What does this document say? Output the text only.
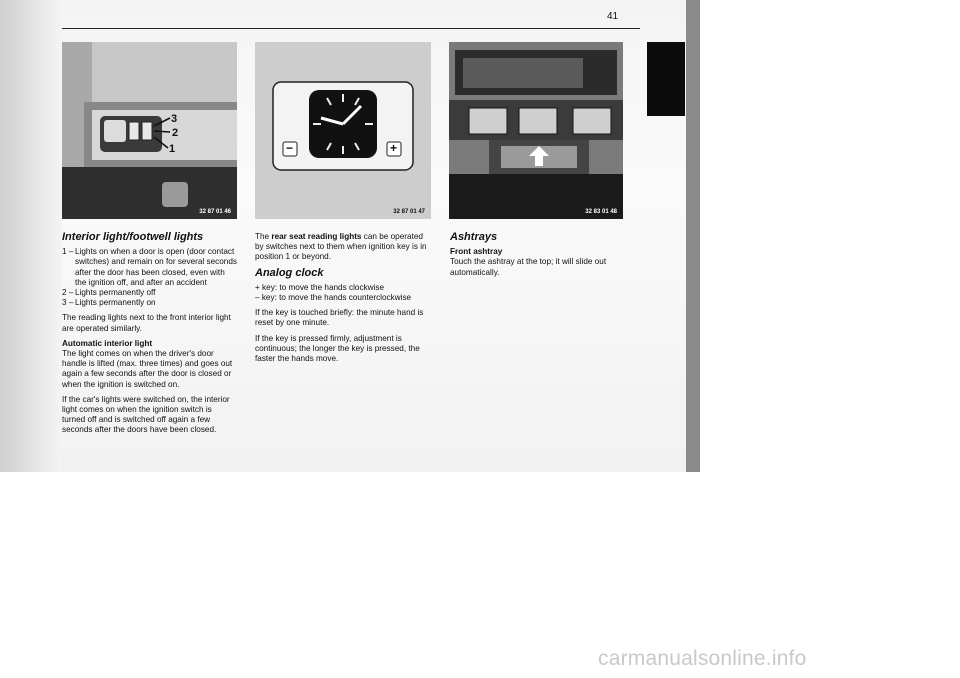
41
3
2
1
32 87 01 46
−	+
32 87 01 47	32 83 01 48
Interior light/footwell lights
1 – Lights on when a door is open (door contact switches) and remain on for several seconds after the door has been closed, even with the ignition off, and after an accident
2 – Lights permanently off
3 – Lights permanently on

The reading lights next to the front interior light are operated similarly.

Automatic interior light

The light comes on when the driver's door handle is lifted (max. three times) and goes out again a few seconds after the door is closed or when the ignition is switched on.

If the car's lights were switched on, the interior light comes on when the ignition switch is turned off and is switched off again a few seconds after the doors have been closed.

The rear seat reading lights can be operated by switches next to them when ignition key is in position 1 or beyond.

Analog clock
+ key: to move the hands clockwise
– key: to move the hands counterclockwise

If the key is touched briefly: the minute hand is reset by one minute.

If the key is pressed firmly, adjustment is continuous; the longer the key is pressed, the faster the hands move.

Ashtrays
Front ashtray

Touch the ashtray at the top; it will slide out automatically.

carmanualsonline.info
